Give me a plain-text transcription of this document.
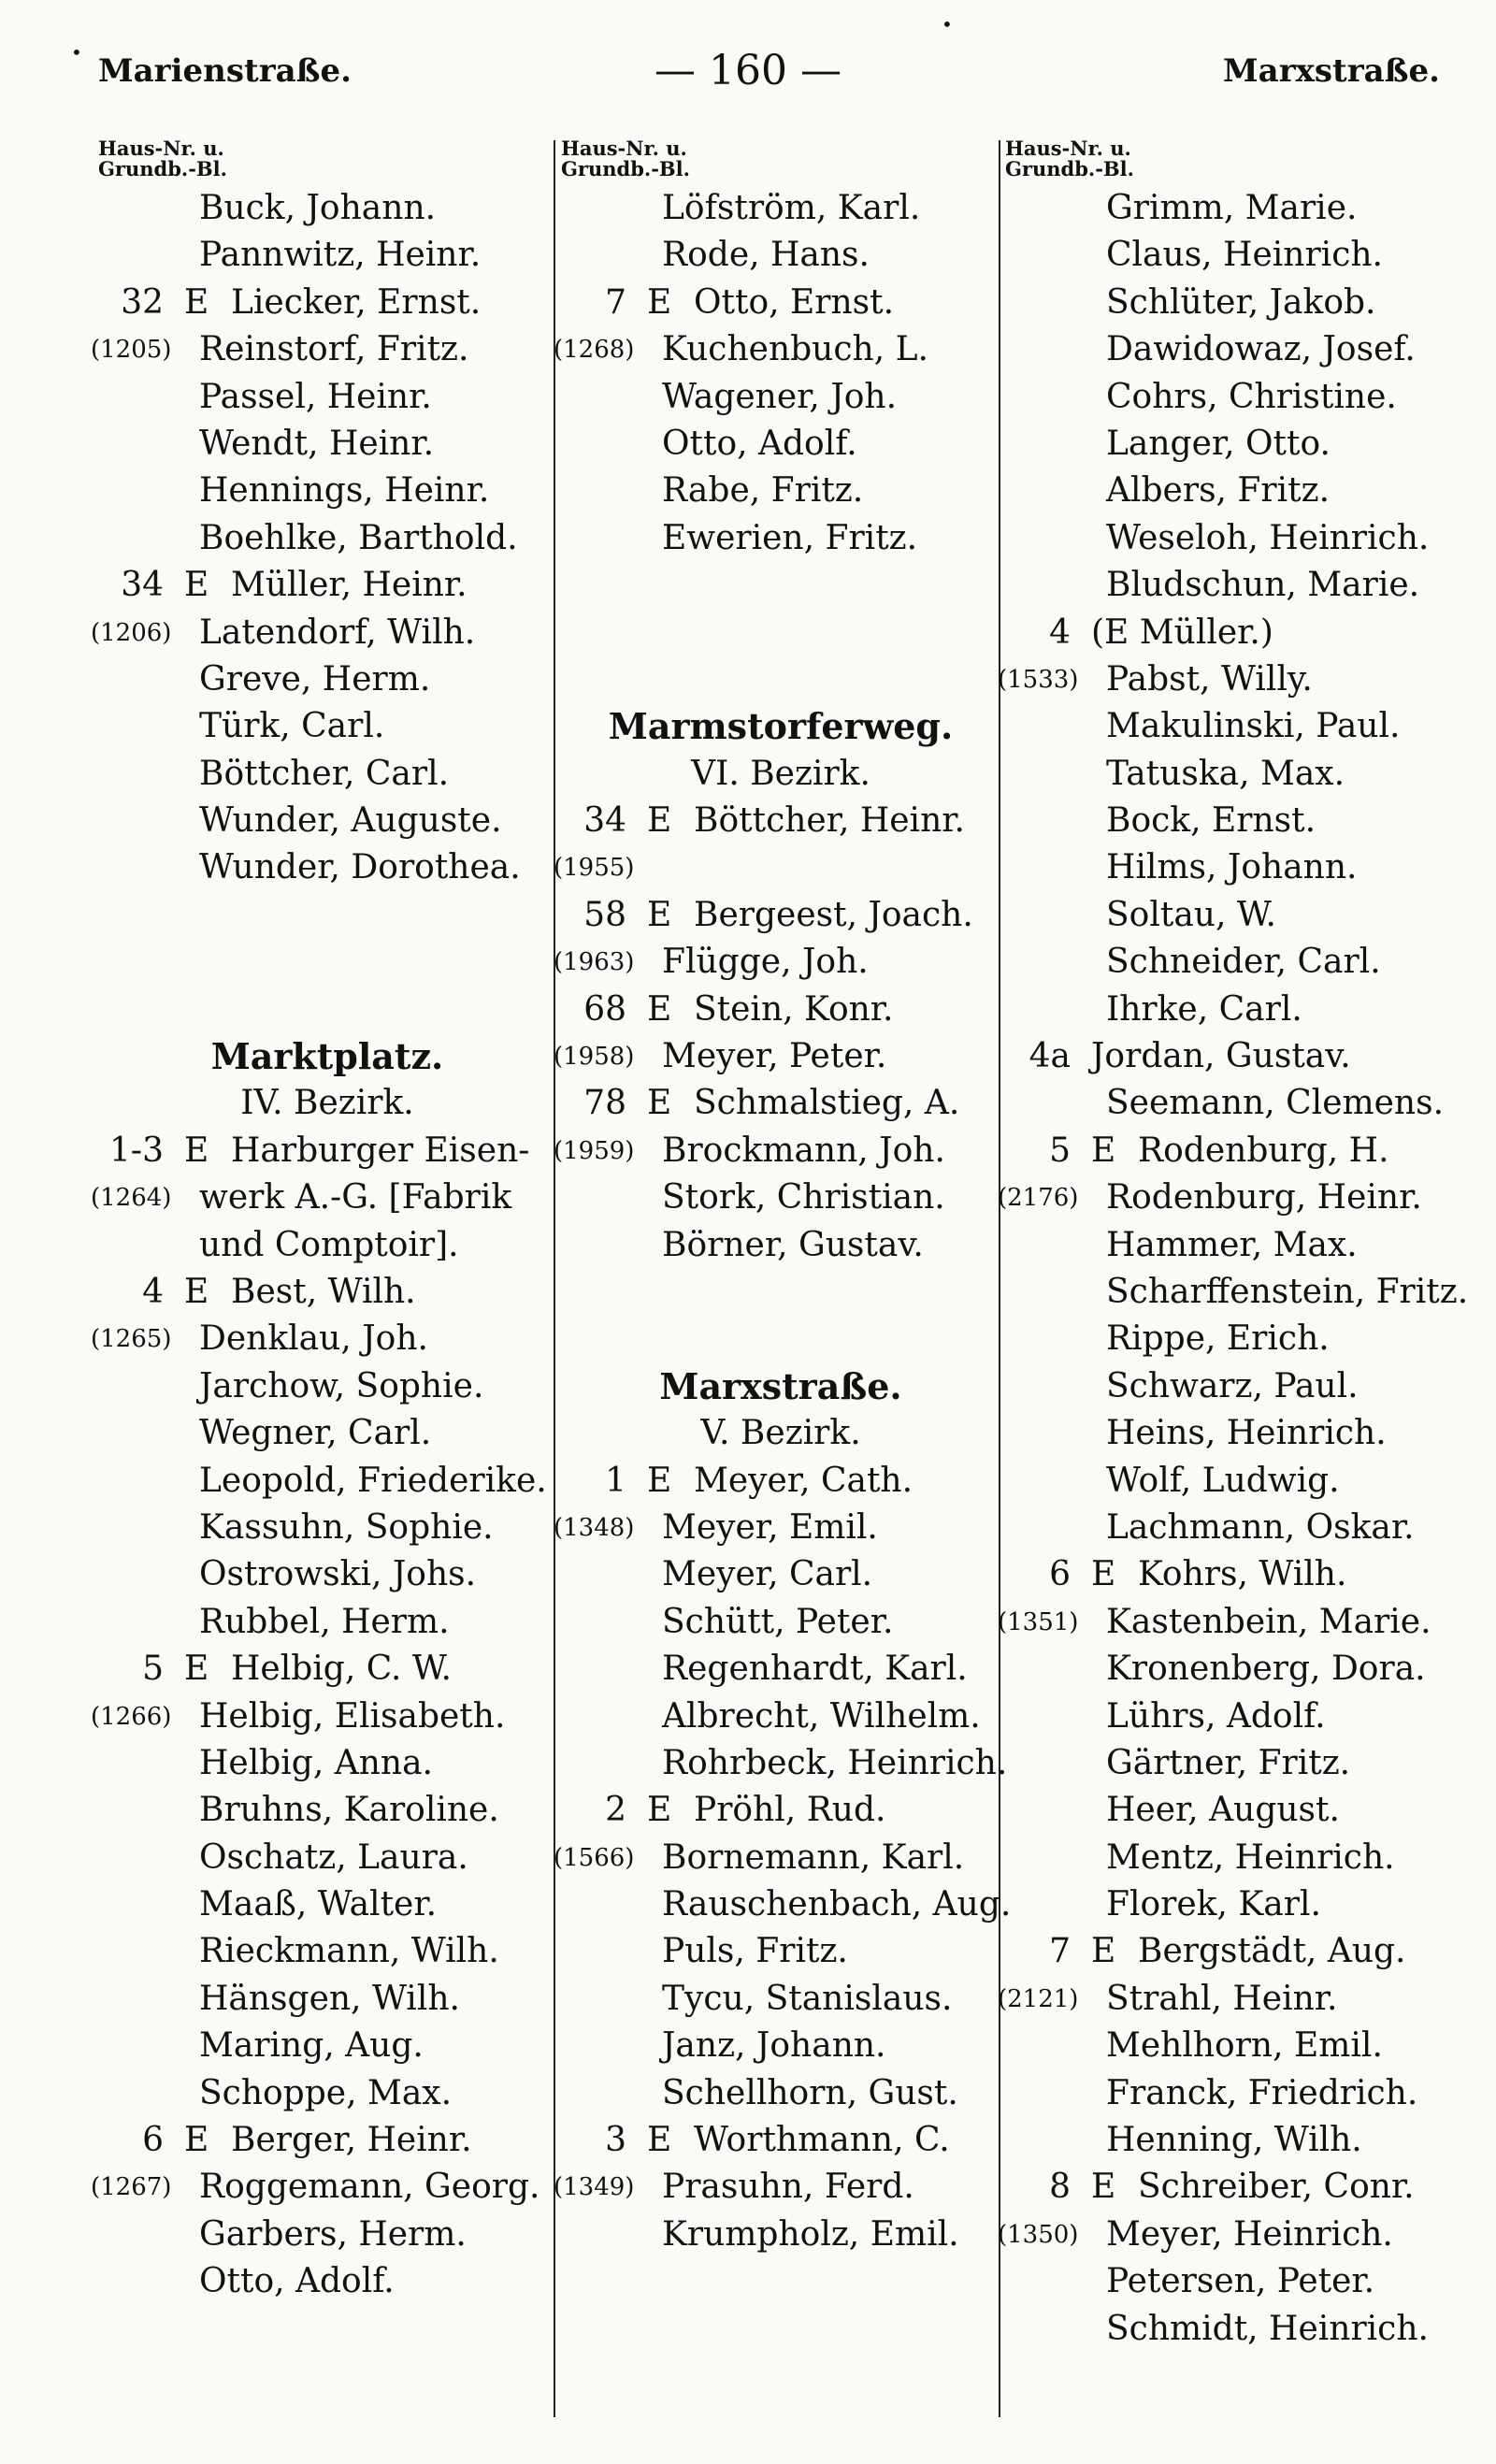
Marienstraße.	— 160 —	Marxstraße.
•
•
Haus-Nr. u.
Grundb.-Bl.
Buck, Johann.
Pannwitz, Heinr.
32 E Liecker, Ernst.
(1205) Reinstorf, Fritz.
Passel, Heinr.
Wendt, Heinr.
Hennings, Heinr.
Boehlke, Barthold.
34 E Müller, Heinr.
(1206) Latendorf, Wilh.
Greve, Herm.
Türk, Carl.
Böttcher, Carl.
Wunder, Auguste.
Wunder, Dorothea.
Marktplatz.
IV. Bezirk.
1-3 E Harburger Eisen-
(1264) werk A.-G. [Fabrik
und Comptoir].
4 E Best, Wilh.
(1265) Denklau, Joh.
Jarchow, Sophie.
Wegner, Carl.
Leopold, Friederike.
Kassuhn, Sophie.
Ostrowski, Johs.
Rubbel, Herm.
5 E Helbig, C. W.
(1266) Helbig, Elisabeth.
Helbig, Anna.
Bruhns, Karoline.
Oschatz, Laura.
Maaß, Walter.
Rieckmann, Wilh.
Hänsgen, Wilh.
Maring, Aug.
Schoppe, Max.
6 E Berger, Heinr.
(1267) Roggemann, Georg.
Garbers, Herm.
Otto, Adolf.
Haus-Nr. u.
Grundb.-Bl.
Löfström, Karl.
Rode, Hans.
7 E Otto, Ernst.
(1268) Kuchenbuch, L.
Wagener, Joh.
Otto, Adolf.
Rabe, Fritz.
Ewerien, Fritz.
Marmstorferweg.
VI. Bezirk.
34 E Böttcher, Heinr.
(1955)
58 E Bergeest, Joach.
(1963) Flügge, Joh.
68 E Stein, Konr.
(1958) Meyer, Peter.
78 E Schmalstieg, A.
(1959) Brockmann, Joh.
Stork, Christian.
Börner, Gustav.
Marxstraße.
V. Bezirk.
1 E Meyer, Cath.
(1348) Meyer, Emil.
Meyer, Carl.
Schütt, Peter.
Regenhardt, Karl.
Albrecht, Wilhelm.
Rohrbeck, Heinrich.
2 E Pröhl, Rud.
(1566) Bornemann, Karl.
Rauschenbach, Aug.
Puls, Fritz.
Tycu, Stanislaus.
Janz, Johann.
Schellhorn, Gust.
3 E Worthmann, C.
(1349) Prasuhn, Ferd.
Krumpholz, Emil.
Haus-Nr. u.
Grundb.-Bl.
Grimm, Marie.
Claus, Heinrich.
Schlüter, Jakob.
Dawidowaz, Josef.
Cohrs, Christine.
Langer, Otto.
Albers, Fritz.
Weseloh, Heinrich.
Bludschun, Marie.
4 (E Müller.)
(1533) Pabst, Willy.
Makulinski, Paul.
Tatuska, Max.
Bock, Ernst.
Hilms, Johann.
Soltau, W.
Schneider, Carl.
Ihrke, Carl.
4a Jordan, Gustav.
Seemann, Clemens.
5 E Rodenburg, H.
(2176) Rodenburg, Heinr.
Hammer, Max.
Scharffenstein, Fritz.
Rippe, Erich.
Schwarz, Paul.
Heins, Heinrich.
Wolf, Ludwig.
Lachmann, Oskar.
6 E Kohrs, Wilh.
(1351) Kastenbein, Marie.
Kronenberg, Dora.
Lührs, Adolf.
Gärtner, Fritz.
Heer, August.
Mentz, Heinrich.
Florek, Karl.
7 E Bergstädt, Aug.
(2121) Strahl, Heinr.
Mehlhorn, Emil.
Franck, Friedrich.
Henning, Wilh.
8 E Schreiber, Conr.
(1350) Meyer, Heinrich.
Petersen, Peter.
Schmidt, Heinrich.
